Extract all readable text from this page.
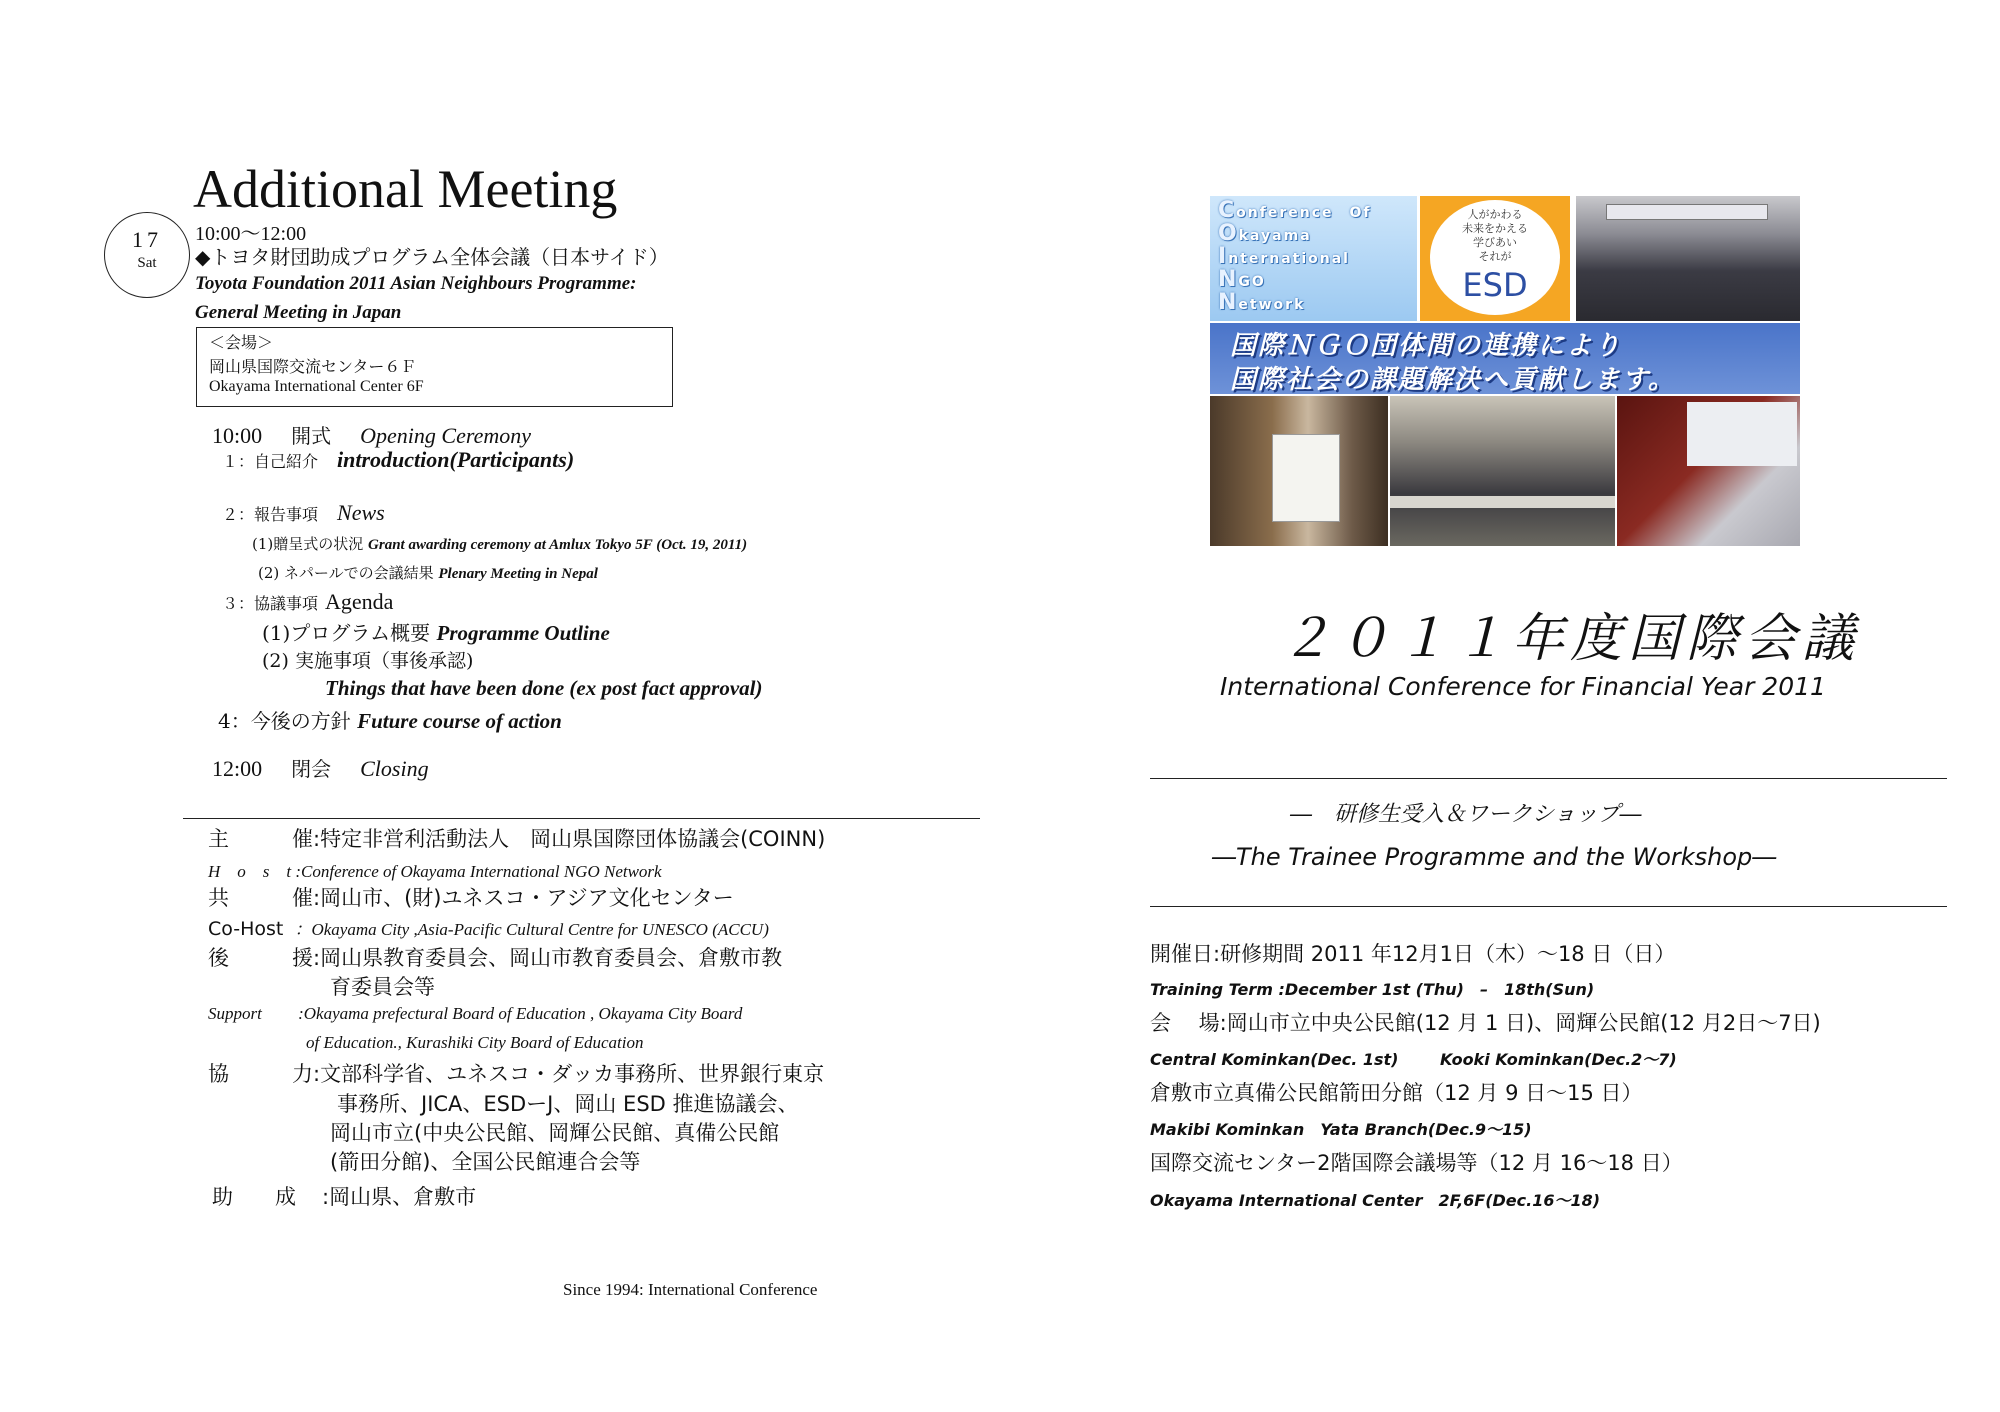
Additional Meeting
17
Sat
10:00～12:00
◆トヨタ財団助成プログラム全体会議（日本サイド）
Toyota Foundation 2011 Asian Neighbours Programme:
General Meeting in Japan
＜会場＞
岡山県国際交流センター６Ｆ
Okayama International Center 6F
10:00 開式 Opening Ceremony
１：自己紹介 introduction(Participants)
２：報告事項 News
(1)贈呈式の状況 Grant awarding ceremony at Amlux Tokyo 5F (Oct. 19, 2011)
(2) ネパールでの会議結果 Plenary Meeting in Nepal
３：協議事項 Agenda
(1)プログラム概要 Programme Outline
(2) 実施事項（事後承認)
Things that have been done (ex post fact approval)
4：今後の方針 Future course of action
12:00 閉会 Closing
主　　　催:特定非営利活動法人　岡山県国際団体協議会(COINN)
H　o　s　t :Conference of Okayama International NGO Network
共　　　催:岡山市、(財)ユネスコ・アジア文化センター
Co-Host ：Okayama City ,Asia-Pacific Cultural Centre for UNESCO (ACCU)
後　　　援:岡山県教育委員会、岡山市教育委員会、倉敷市教
育委員会等
Support :Okayama prefectural Board of Education , Okayama City Board
of Education., Kurashiki City Board of Education
協　　　力:文部科学省、ユネスコ・ダッカ事務所、世界銀行東京
事務所、JICA、ESDーJ、岡山 ESD 推進協議会、
岡山市立(中央公民館、岡輝公民館、真備公民館
(箭田分館)、全国公民館連合会等
助　　成 :岡山県、倉敷市
Since 1994: International Conference
Conference　Of
Okayama
International
NGO
Network
人がかわる
未来をかえる
学びあい
それが
ESD
国際ＮＧＯ団体間の連携により
国際社会の課題解決へ貢献します。
２０１１年度国際会議
International Conference for Financial Year 2011
―　研修生受入＆ワークショップ―
―The Trainee Programme and the Workshop―
開催日:研修期間 2011 年12月1日（木）～18 日（日）
Training Term :December 1st (Thu)　–　18th(Sun)
会　 場:岡山市立中央公民館(12 月 1 日)、岡輝公民館(12 月2日～7日)
Central Kominkan(Dec. 1st)	Kooki Kominkan(Dec.2～7)
倉敷市立真備公民館箭田分館（12 月 9 日～15 日）
Makibi Kominkan　Yata Branch(Dec.9～15)
国際交流センター2階国際会議場等（12 月 16～18 日）
Okayama International Center　2F,6F(Dec.16～18)
